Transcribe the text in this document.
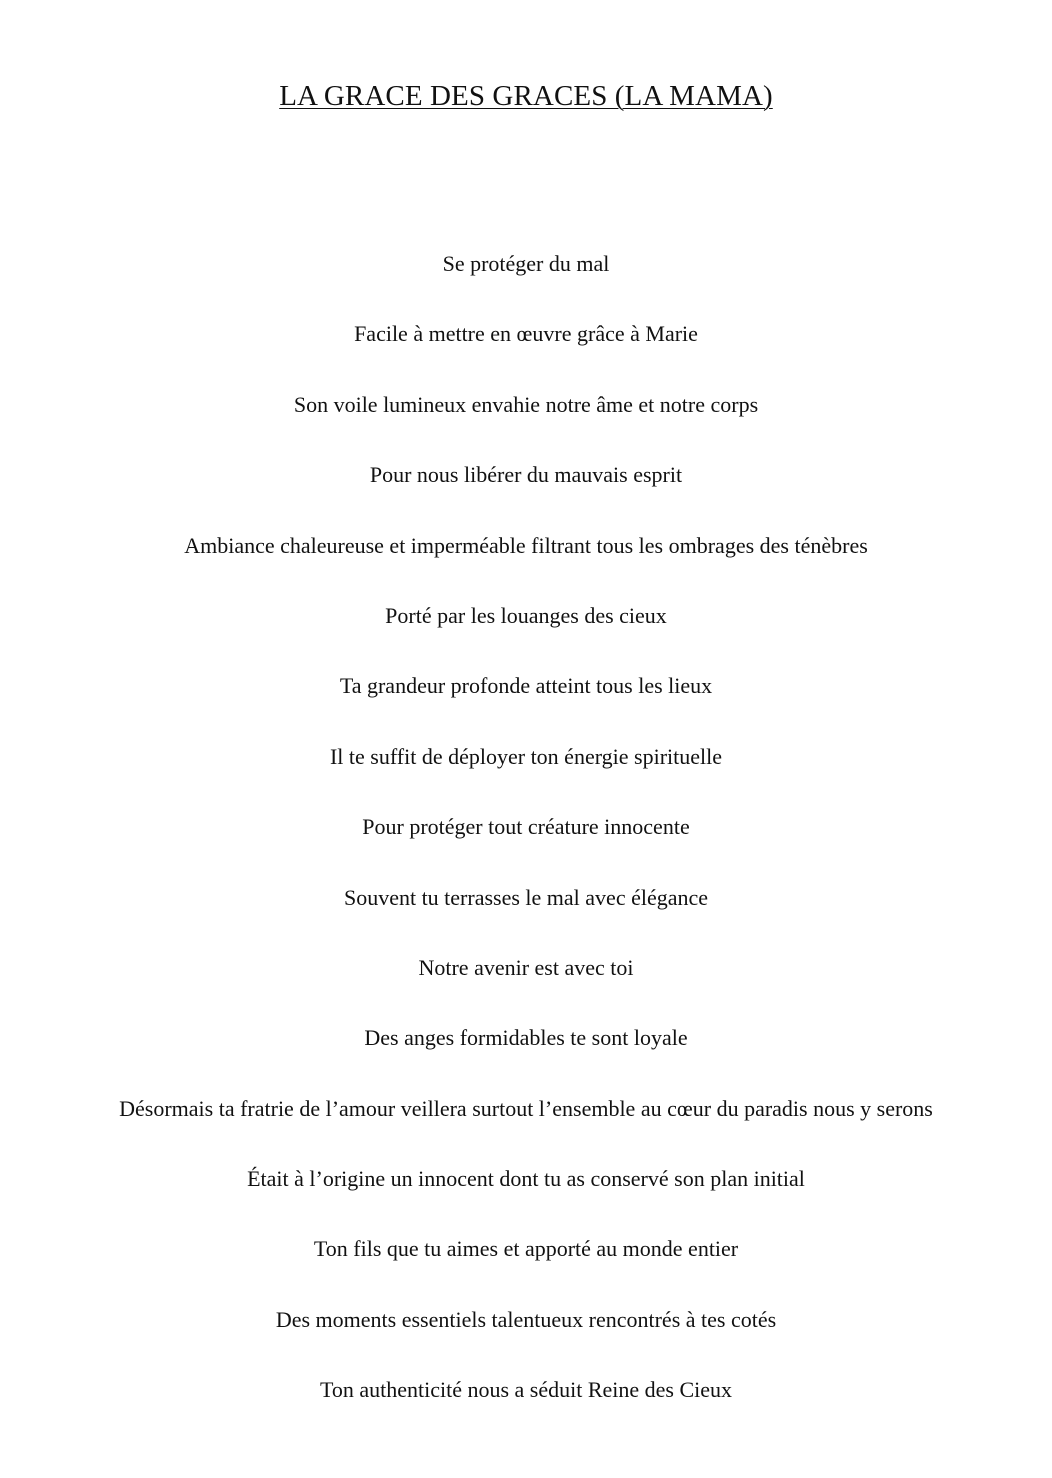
LA GRACE DES GRACES (LA MAMA)
Se protéger du mal
Facile à mettre en œuvre grâce à Marie
Son voile lumineux envahie notre âme et notre corps
Pour nous libérer du mauvais esprit
Ambiance chaleureuse et imperméable filtrant tous les ombrages des ténèbres
Porté par les louanges des cieux
Ta grandeur profonde atteint tous les lieux
Il te suffit de déployer ton énergie spirituelle
Pour protéger tout créature innocente
Souvent tu terrasses le mal avec élégance
Notre avenir est avec toi
Des anges formidables te sont loyale
Désormais ta fratrie de l’amour veillera surtout l’ensemble au cœur du paradis nous y serons
Était à l’origine un innocent dont tu as conservé son plan initial
Ton fils que tu aimes et apporté au monde entier
Des moments essentiels talentueux rencontrés à tes cotés
Ton authenticité nous a séduit Reine des Cieux
